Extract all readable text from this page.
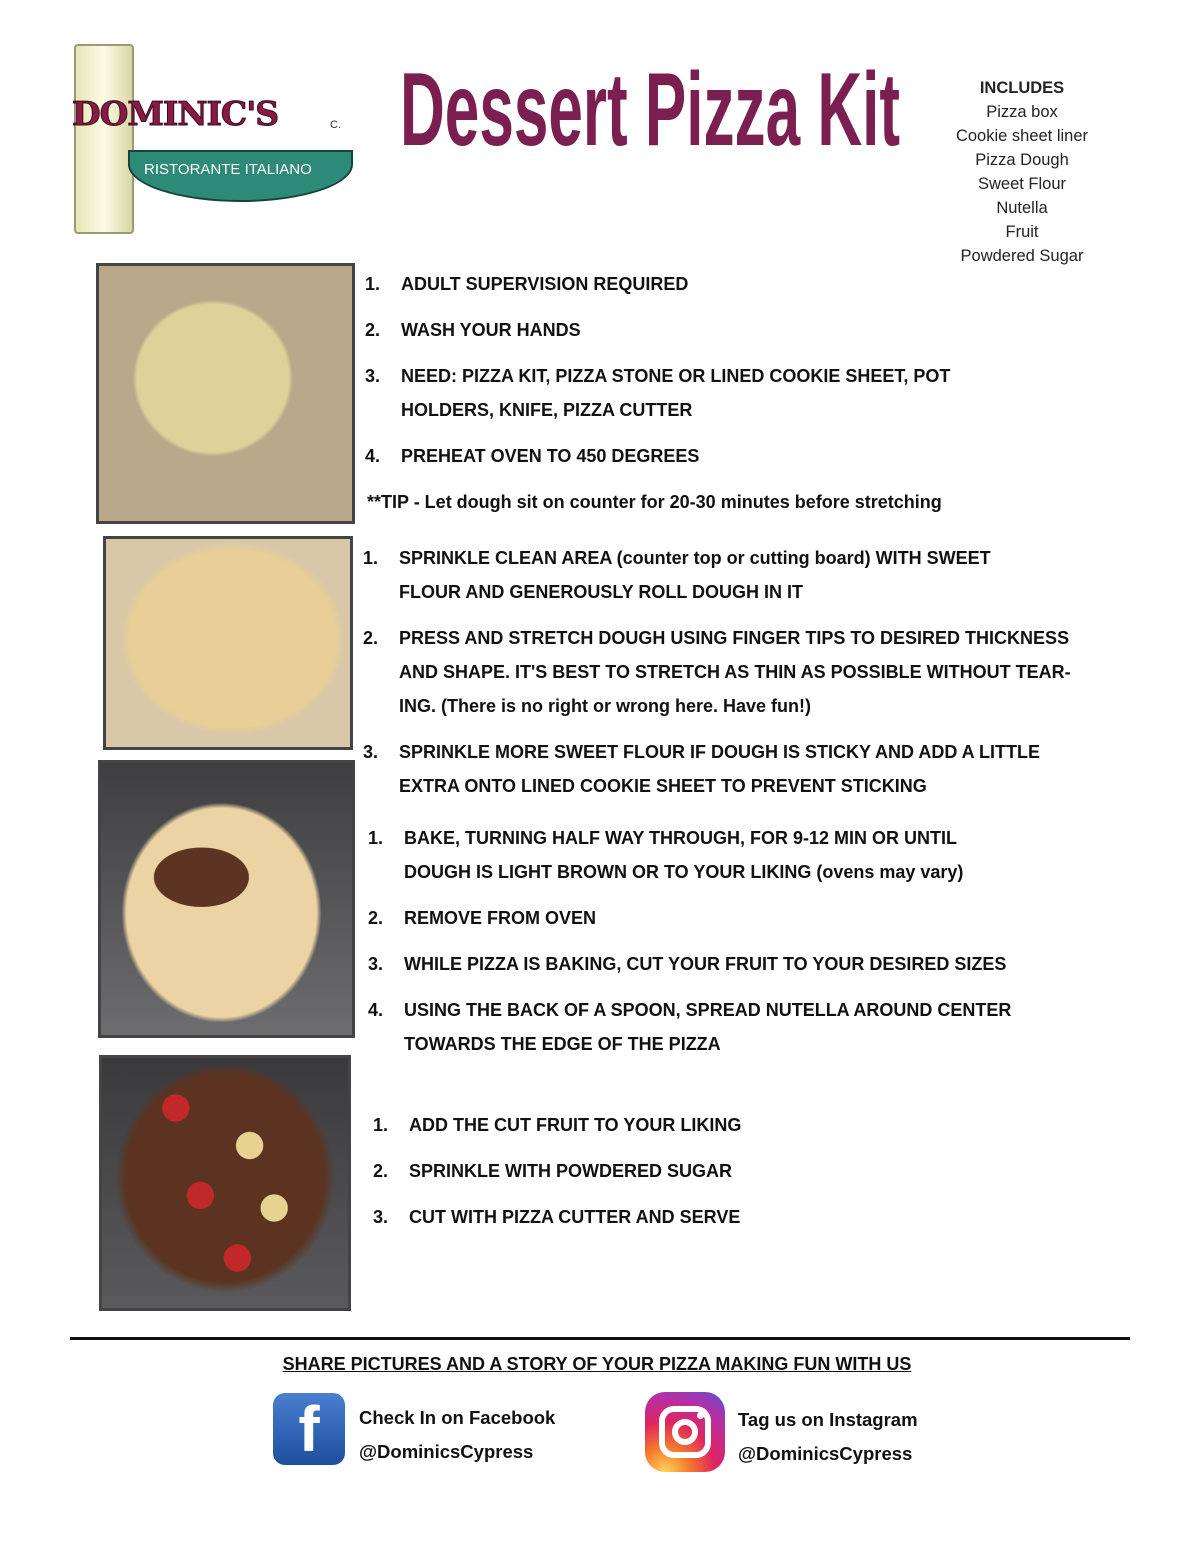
DOMINIC'S
RISTORANTE ITALIANO
C. Dessert Pizza Kit	INCLUDES
Pizza box
Cookie sheet liner
Pizza Dough
Sweet Flour
Nutella
Fruit
Powdered Sugar
1.	ADULT SUPERVISION REQUIRED
2.	WASH YOUR HANDS
3.	NEED: PIZZA KIT, PIZZA STONE OR LINED COOKIE SHEET, POT
HOLDERS, KNIFE, PIZZA CUTTER
4.	PREHEAT OVEN TO 450 DEGREES
**TIP - Let dough sit on counter for 20-30 minutes before stretching
1.	SPRINKLE CLEAN AREA (counter top or cutting board) WITH SWEET
FLOUR AND GENEROUSLY ROLL DOUGH IN IT
2.	PRESS AND STRETCH DOUGH USING FINGER TIPS TO DESIRED THICKNESS
AND SHAPE. IT'S BEST TO STRETCH AS THIN AS POSSIBLE WITHOUT TEAR-
ING. (There is no right or wrong here. Have fun!)
3.	SPRINKLE MORE SWEET FLOUR IF DOUGH IS STICKY AND ADD A LITTLE
EXTRA ONTO LINED COOKIE SHEET TO PREVENT STICKING
1.	BAKE, TURNING HALF WAY THROUGH, FOR 9-12 MIN OR UNTIL
DOUGH IS LIGHT BROWN OR TO YOUR LIKING (ovens may vary)
2.	REMOVE FROM OVEN
3.	WHILE PIZZA IS BAKING, CUT YOUR FRUIT TO YOUR DESIRED SIZES
4.	USING THE BACK OF A SPOON, SPREAD NUTELLA AROUND CENTER
TOWARDS THE EDGE OF THE PIZZA
1.	ADD THE CUT FRUIT TO YOUR LIKING
2.	SPRINKLE WITH POWDERED SUGAR
3.	CUT WITH PIZZA CUTTER AND SERVE
SHARE PICTURES AND A STORY OF YOUR PIZZA MAKING FUN WITH US
f	Check In on Facebook
@DominicsCypress
Tag us on Instagram
@DominicsCypress
